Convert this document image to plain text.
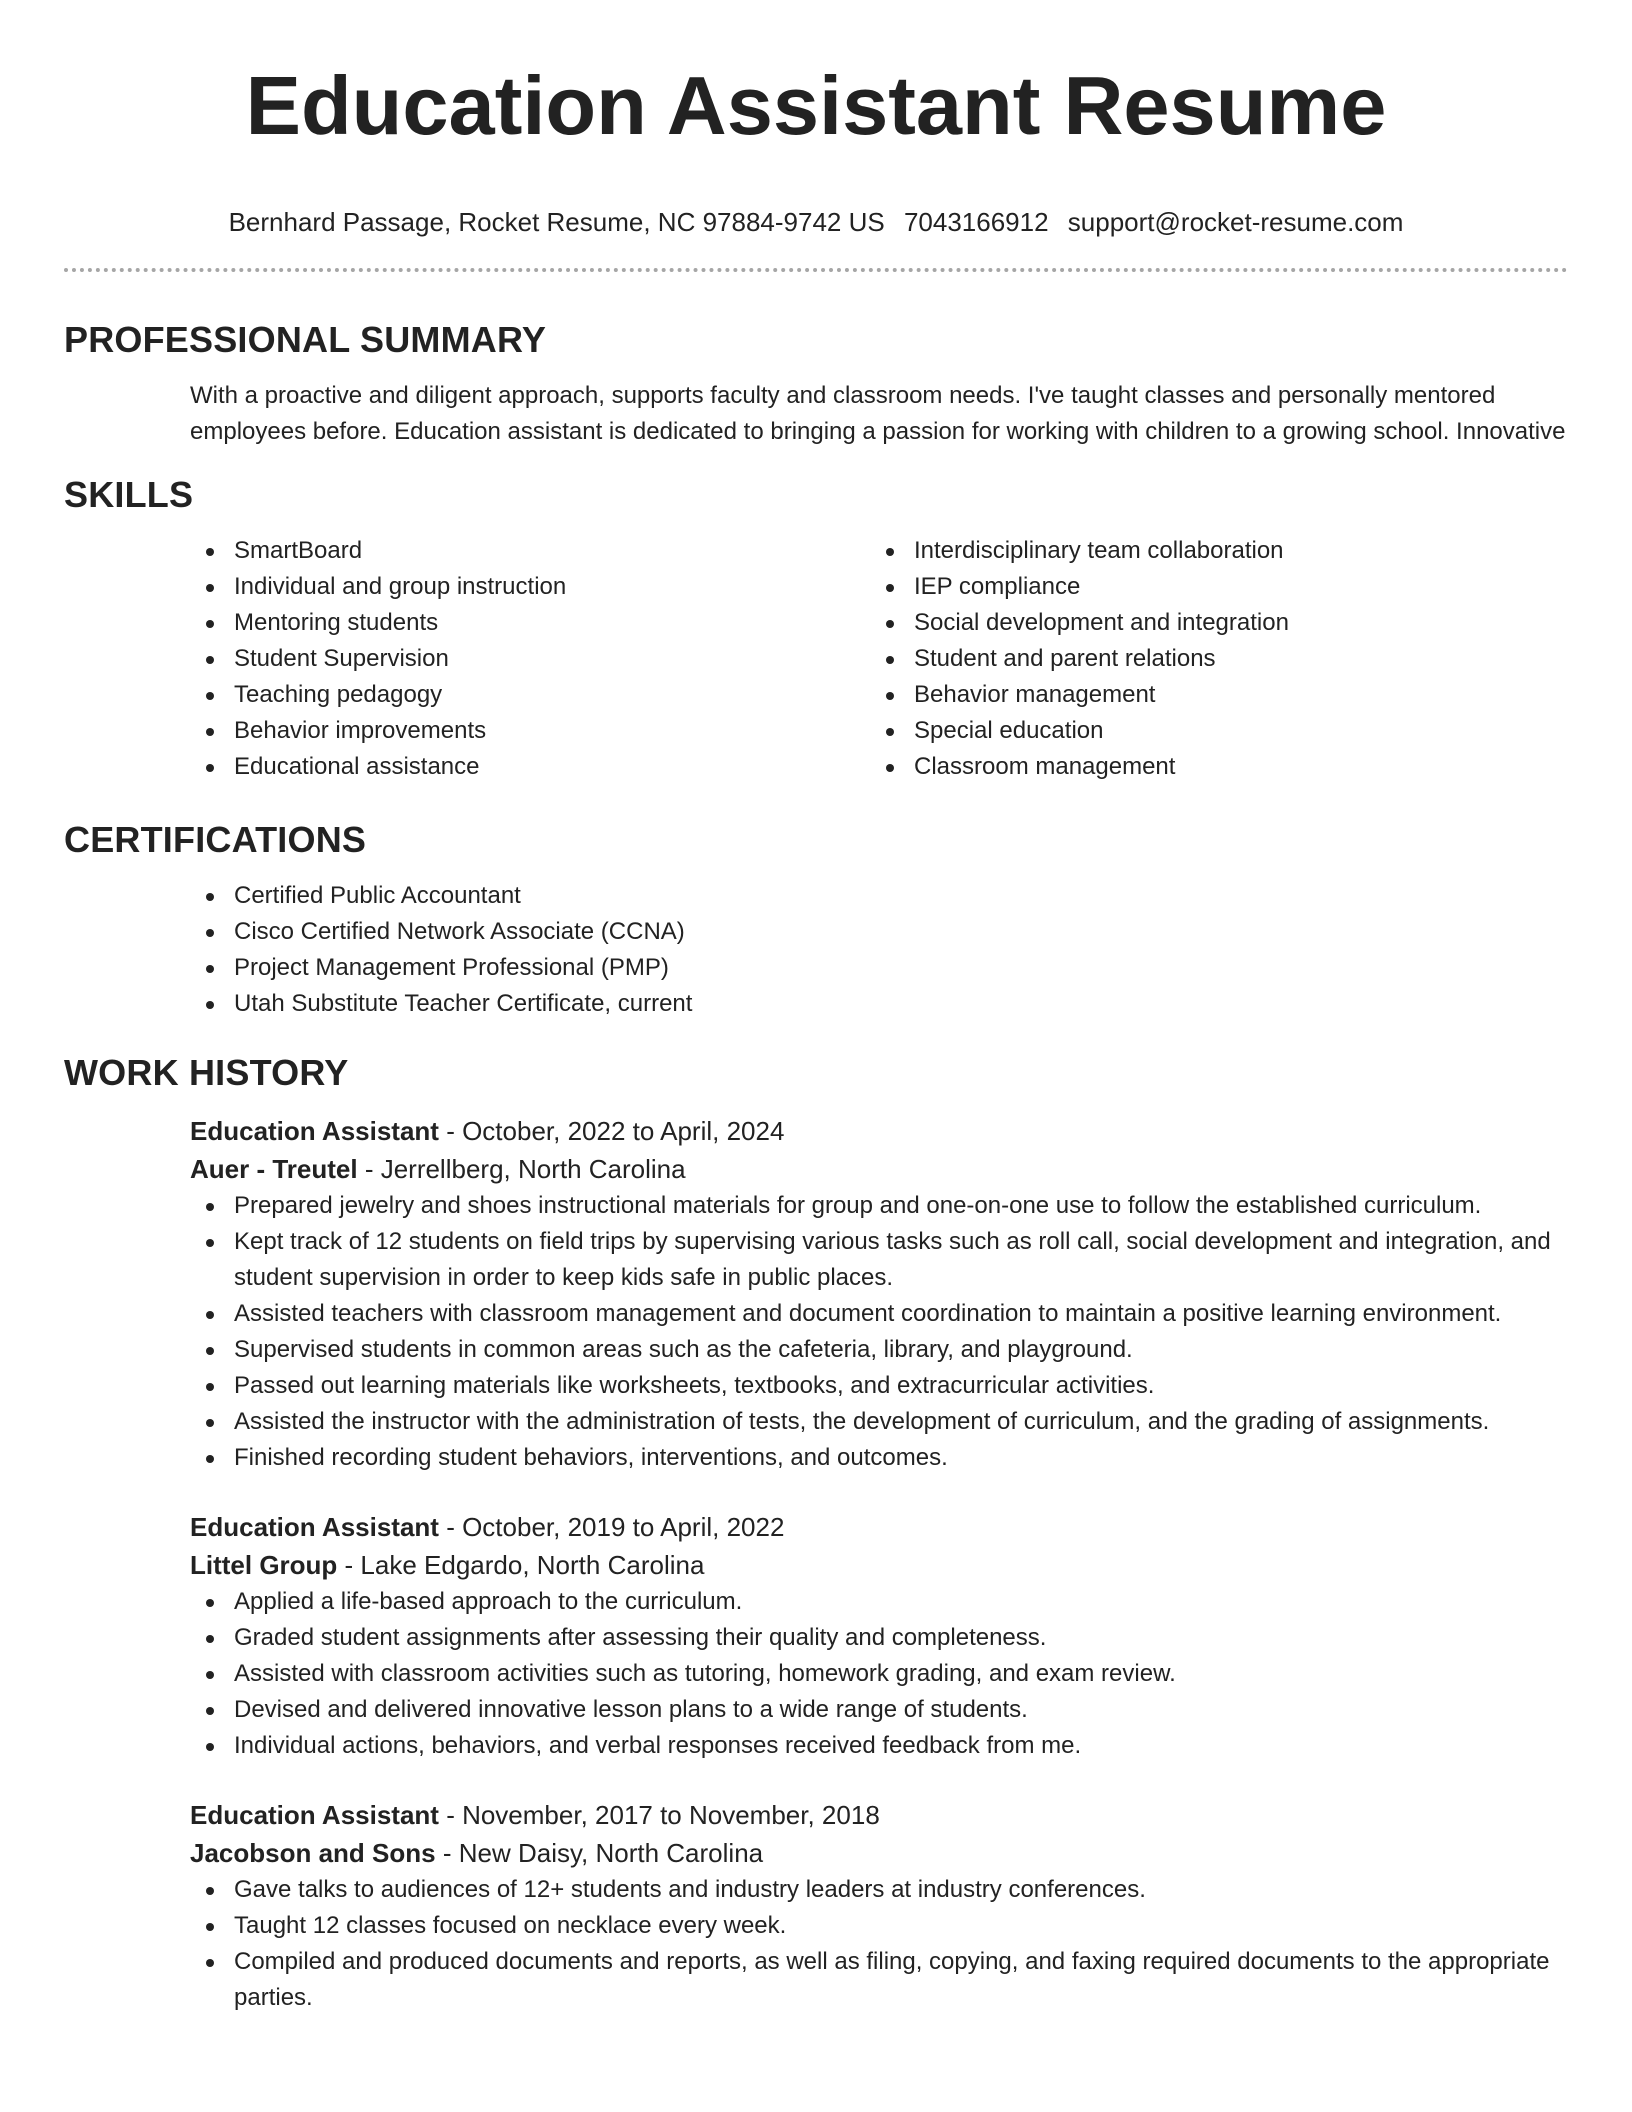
Education Assistant Resume
Bernhard Passage, Rocket Resume, NC 97884-9742 US 7043166912 support@rocket-resume.com
PROFESSIONAL SUMMARY

With a proactive and diligent approach, supports faculty and classroom needs. I've taught classes and personally mentored employees before. Education assistant is dedicated to bringing a passion for working with children to a growing school. Innovative

SKILLS
SmartBoard
Individual and group instruction
Mentoring students
Student Supervision
Teaching pedagogy
Behavior improvements
Educational assistance
Interdisciplinary team collaboration
IEP compliance
Social development and integration
Student and parent relations
Behavior management
Special education
Classroom management
CERTIFICATIONS
Certified Public Accountant
Cisco Certified Network Associate (CCNA)
Project Management Professional (PMP)
Utah Substitute Teacher Certificate, current
WORK HISTORY
Education Assistant - October, 2022 to April, 2024
Auer - Treutel - Jerrellberg, North Carolina
Prepared jewelry and shoes instructional materials for group and one-on-one use to follow the established curriculum.
Kept track of 12 students on field trips by supervising various tasks such as roll call, social development and integration, and student supervision in order to keep kids safe in public places.
Assisted teachers with classroom management and document coordination to maintain a positive learning environment.
Supervised students in common areas such as the cafeteria, library, and playground.
Passed out learning materials like worksheets, textbooks, and extracurricular activities.
Assisted the instructor with the administration of tests, the development of curriculum, and the grading of assignments.
Finished recording student behaviors, interventions, and outcomes.
Education Assistant - October, 2019 to April, 2022
Littel Group - Lake Edgardo, North Carolina
Applied a life-based approach to the curriculum.
Graded student assignments after assessing their quality and completeness.
Assisted with classroom activities such as tutoring, homework grading, and exam review.
Devised and delivered innovative lesson plans to a wide range of students.
Individual actions, behaviors, and verbal responses received feedback from me.
Education Assistant - November, 2017 to November, 2018
Jacobson and Sons - New Daisy, North Carolina
Gave talks to audiences of 12+ students and industry leaders at industry conferences.
Taught 12 classes focused on necklace every week.
Compiled and produced documents and reports, as well as filing, copying, and faxing required documents to the appropriate parties.
